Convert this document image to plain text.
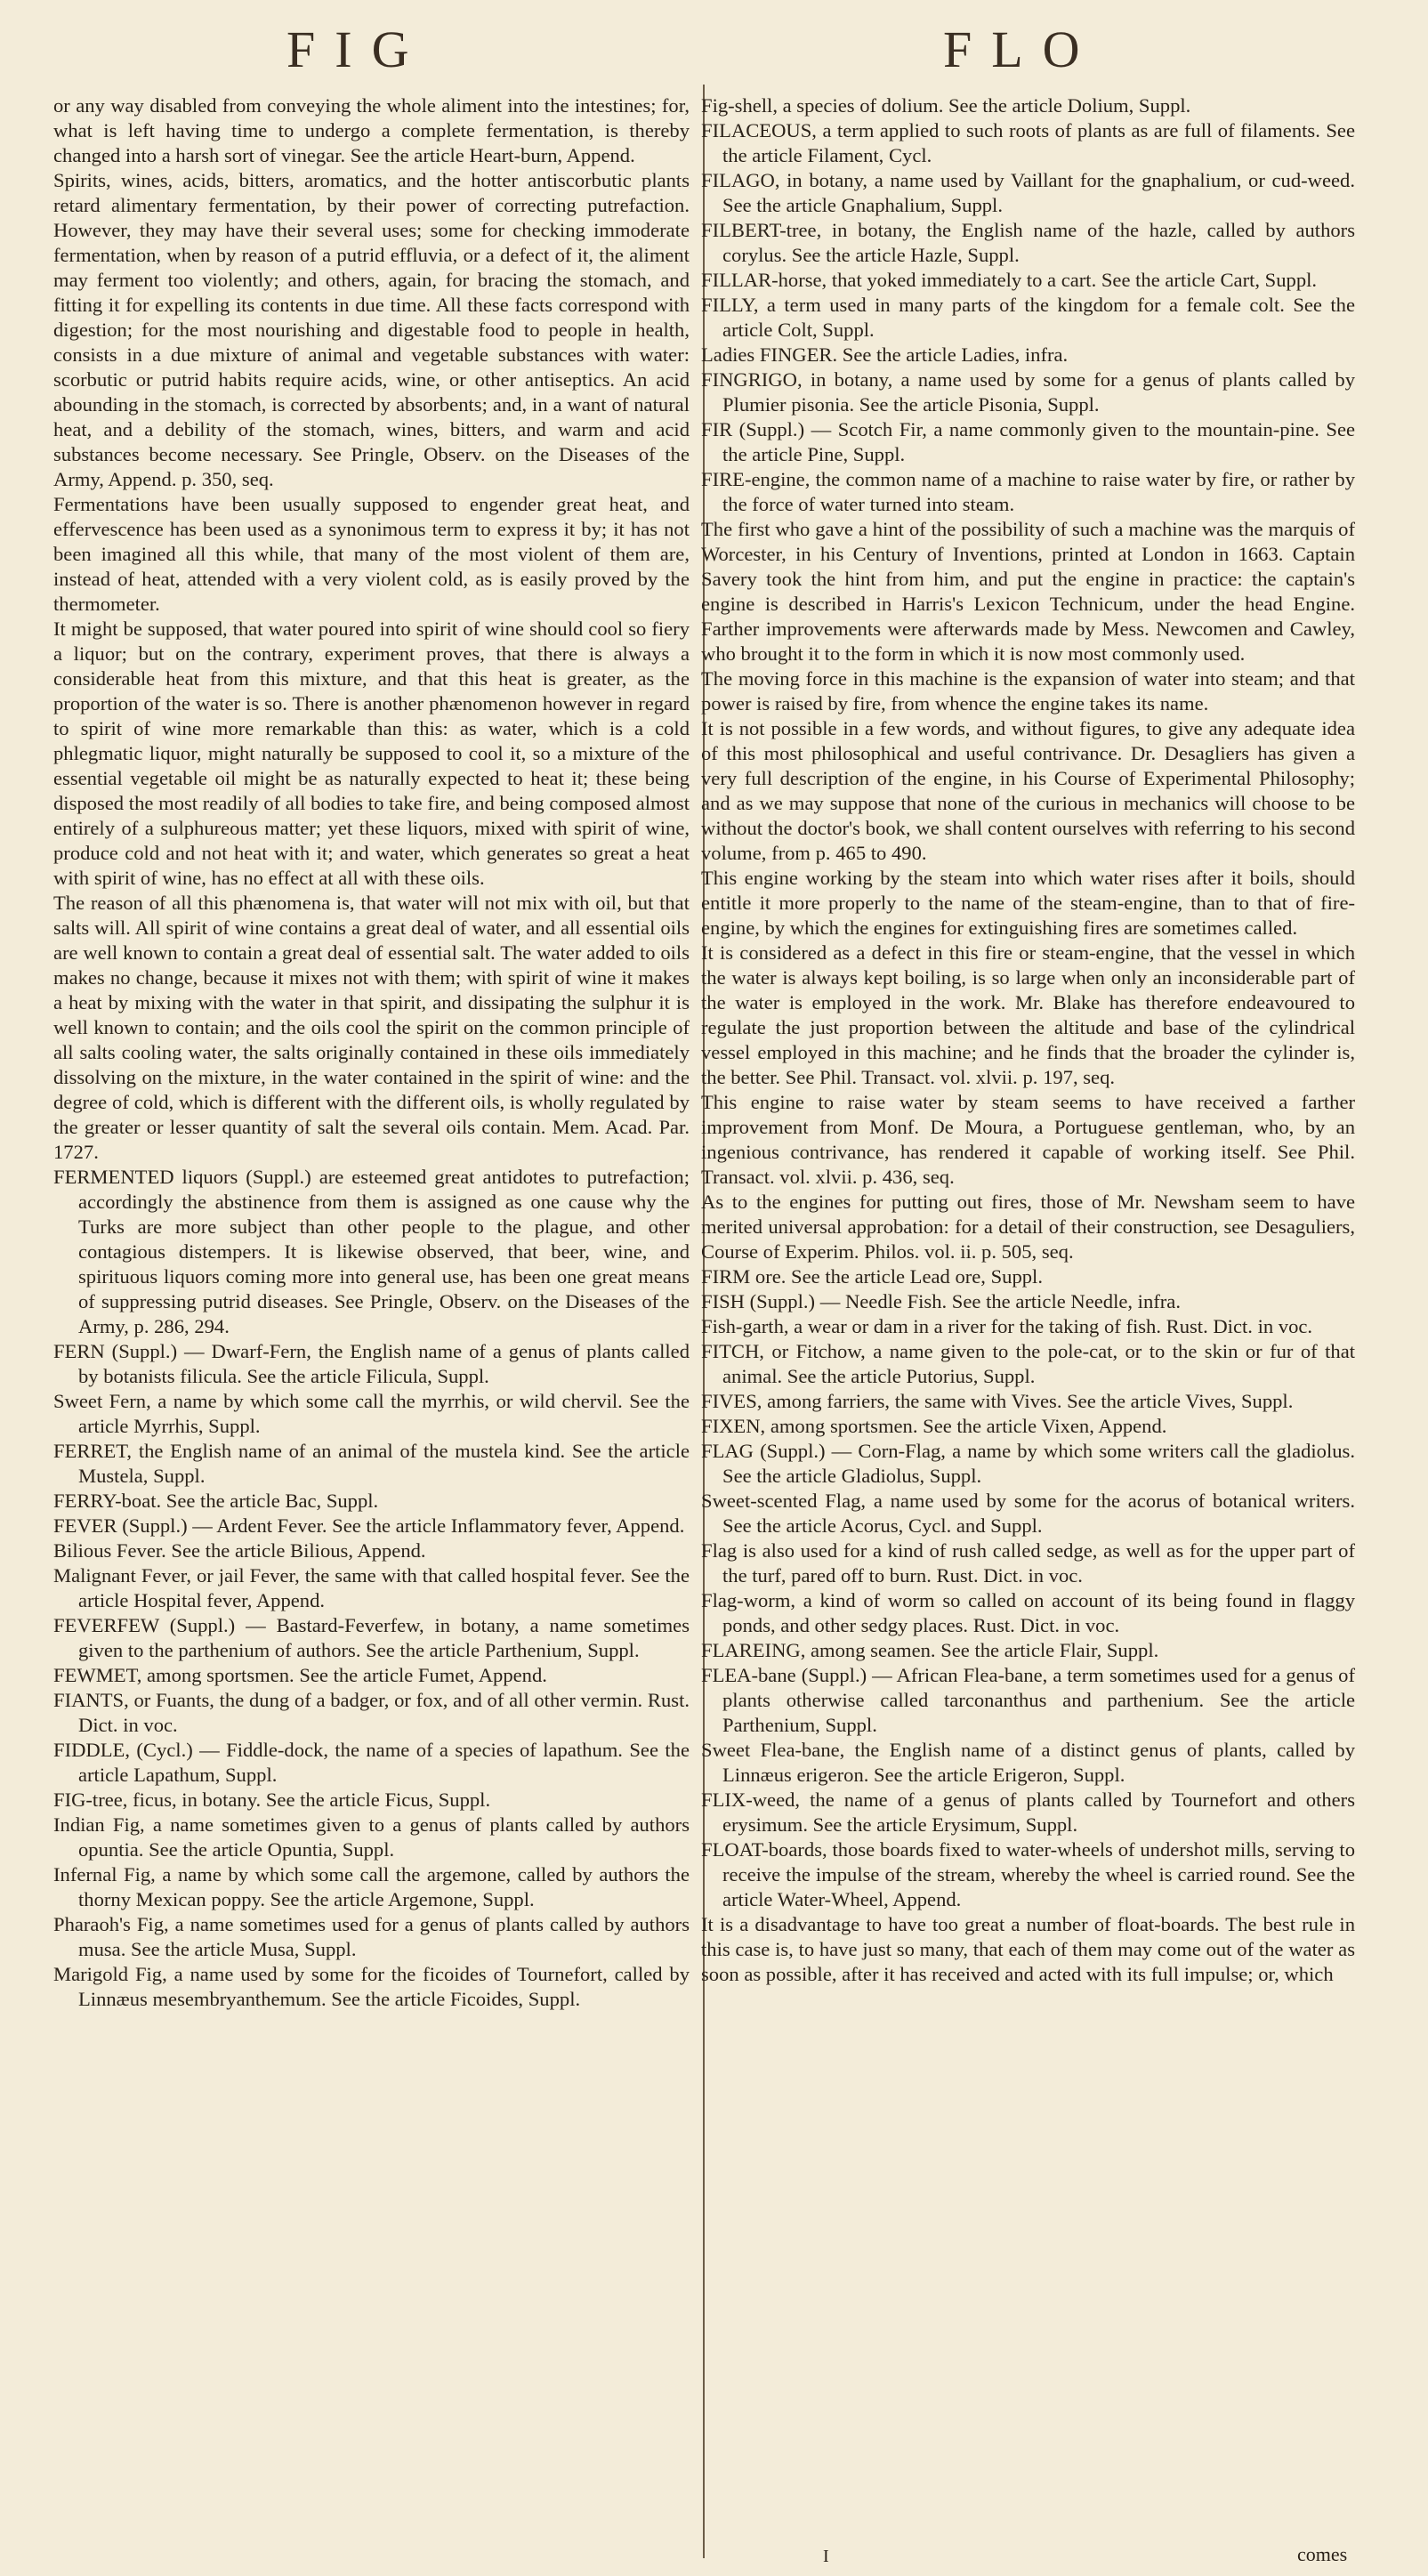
FIG	FLO

or any way disabled from conveying the whole aliment into the intestines; for, what is left having time to undergo a complete fermentation, is thereby changed into a harsh sort of vinegar. See the article Heart-burn, Append.

Spirits, wines, acids, bitters, aromatics, and the hotter antiscorbutic plants retard alimentary fermentation, by their power of correcting putrefaction. However, they may have their several uses; some for checking immoderate fermentation, when by reason of a putrid effluvia, or a defect of it, the aliment may ferment too violently; and others, again, for bracing the stomach, and fitting it for expelling its contents in due time. All these facts correspond with digestion; for the most nourishing and digestable food to people in health, consists in a due mixture of animal and vegetable substances with water: scorbutic or putrid habits require acids, wine, or other antiseptics. An acid abounding in the stomach, is corrected by absorbents; and, in a want of natural heat, and a debility of the stomach, wines, bitters, and warm and acid substances become necessary. See Pringle, Observ. on the Diseases of the Army, Append. p. 350, seq.

Fermentations have been usually supposed to engender great heat, and effervescence has been used as a synonimous term to express it by; it has not been imagined all this while, that many of the most violent of them are, instead of heat, attended with a very violent cold, as is easily proved by the thermometer.

It might be supposed, that water poured into spirit of wine should cool so fiery a liquor; but on the contrary, experiment proves, that there is always a considerable heat from this mixture, and that this heat is greater, as the proportion of the water is so. There is another phænomenon however in regard to spirit of wine more remarkable than this: as water, which is a cold phlegmatic liquor, might naturally be supposed to cool it, so a mixture of the essential vegetable oil might be as naturally expected to heat it; these being disposed the most readily of all bodies to take fire, and being composed almost entirely of a sulphureous matter; yet these liquors, mixed with spirit of wine, produce cold and not heat with it; and water, which generates so great a heat with spirit of wine, has no effect at all with these oils.

The reason of all this phænomena is, that water will not mix with oil, but that salts will. All spirit of wine contains a great deal of water, and all essential oils are well known to contain a great deal of essential salt. The water added to oils makes no change, because it mixes not with them; with spirit of wine it makes a heat by mixing with the water in that spirit, and dissipating the sulphur it is well known to contain; and the oils cool the spirit on the common principle of all salts cooling water, the salts originally contained in these oils immediately dissolving on the mixture, in the water contained in the spirit of wine: and the degree of cold, which is different with the different oils, is wholly regulated by the greater or lesser quantity of salt the several oils contain. Mem. Acad. Par. 1727.

FERMENTED liquors (Suppl.) are esteemed great antidotes to putrefaction; accordingly the abstinence from them is assigned as one cause why the Turks are more subject than other people to the plague, and other contagious distempers. It is likewise observed, that beer, wine, and spirituous liquors coming more into general use, has been one great means of suppressing putrid diseases. See Pringle, Observ. on the Diseases of the Army, p. 286, 294.

FERN (Suppl.) — Dwarf-Fern, the English name of a genus of plants called by botanists filicula. See the article Filicula, Suppl.

Sweet Fern, a name by which some call the myrrhis, or wild chervil. See the article Myrrhis, Suppl.

FERRET, the English name of an animal of the mustela kind. See the article Mustela, Suppl.

FERRY-boat. See the article Bac, Suppl.

FEVER (Suppl.) — Ardent Fever. See the article Inflammatory fever, Append.

Bilious Fever. See the article Bilious, Append.

Malignant Fever, or jail Fever, the same with that called hospital fever. See the article Hospital fever, Append.

FEVERFEW (Suppl.) — Bastard-Feverfew, in botany, a name sometimes given to the parthenium of authors. See the article Parthenium, Suppl.

FEWMET, among sportsmen. See the article Fumet, Append.

FIANTS, or Fuants, the dung of a badger, or fox, and of all other vermin. Rust. Dict. in voc.

FIDDLE, (Cycl.) — Fiddle-dock, the name of a species of lapathum. See the article Lapathum, Suppl.

FIG-tree, ficus, in botany. See the article Ficus, Suppl.

Indian Fig, a name sometimes given to a genus of plants called by authors opuntia. See the article Opuntia, Suppl.

Infernal Fig, a name by which some call the argemone, called by authors the thorny Mexican poppy. See the article Argemone, Suppl.

Pharaoh's Fig, a name sometimes used for a genus of plants called by authors musa. See the article Musa, Suppl.

Marigold Fig, a name used by some for the ficoides of Tournefort, called by Linnæus mesembryanthemum. See the article Ficoides, Suppl.

Fig-shell, a species of dolium. See the article Dolium, Suppl.

FILACEOUS, a term applied to such roots of plants as are full of filaments. See the article Filament, Cycl.

FILAGO, in botany, a name used by Vaillant for the gnaphalium, or cud-weed. See the article Gnaphalium, Suppl.

FILBERT-tree, in botany, the English name of the hazle, called by authors corylus. See the article Hazle, Suppl.

FILLAR-horse, that yoked immediately to a cart. See the article Cart, Suppl.

FILLY, a term used in many parts of the kingdom for a female colt. See the article Colt, Suppl.

Ladies FINGER. See the article Ladies, infra.

FINGRIGO, in botany, a name used by some for a genus of plants called by Plumier pisonia. See the article Pisonia, Suppl.

FIR (Suppl.) — Scotch Fir, a name commonly given to the mountain-pine. See the article Pine, Suppl.

FIRE-engine, the common name of a machine to raise water by fire, or rather by the force of water turned into steam.

The first who gave a hint of the possibility of such a machine was the marquis of Worcester, in his Century of Inventions, printed at London in 1663. Captain Savery took the hint from him, and put the engine in practice: the captain's engine is described in Harris's Lexicon Technicum, under the head Engine. Farther improvements were afterwards made by Mess. Newcomen and Cawley, who brought it to the form in which it is now most commonly used.

The moving force in this machine is the expansion of water into steam; and that power is raised by fire, from whence the engine takes its name.

It is not possible in a few words, and without figures, to give any adequate idea of this most philosophical and useful contrivance. Dr. Desagliers has given a very full description of the engine, in his Course of Experimental Philosophy; and as we may suppose that none of the curious in mechanics will choose to be without the doctor's book, we shall content ourselves with referring to his second volume, from p. 465 to 490.

This engine working by the steam into which water rises after it boils, should entitle it more properly to the name of the steam-engine, than to that of fire-engine, by which the engines for extinguishing fires are sometimes called.

It is considered as a defect in this fire or steam-engine, that the vessel in which the water is always kept boiling, is so large when only an inconsiderable part of the water is employed in the work. Mr. Blake has therefore endeavoured to regulate the just proportion between the altitude and base of the cylindrical vessel employed in this machine; and he finds that the broader the cylinder is, the better. See Phil. Transact. vol. xlvii. p. 197, seq.

This engine to raise water by steam seems to have received a farther improvement from Monf. De Moura, a Portuguese gentleman, who, by an ingenious contrivance, has rendered it capable of working itself. See Phil. Transact. vol. xlvii. p. 436, seq.

As to the engines for putting out fires, those of Mr. Newsham seem to have merited universal approbation: for a detail of their construction, see Desaguliers, Course of Experim. Philos. vol. ii. p. 505, seq.

FIRM ore. See the article Lead ore, Suppl.

FISH (Suppl.) — Needle Fish. See the article Needle, infra.

Fish-garth, a wear or dam in a river for the taking of fish. Rust. Dict. in voc.

FITCH, or Fitchow, a name given to the pole-cat, or to the skin or fur of that animal. See the article Putorius, Suppl.

FIVES, among farriers, the same with Vives. See the article Vives, Suppl.

FIXEN, among sportsmen. See the article Vixen, Append.

FLAG (Suppl.) — Corn-Flag, a name by which some writers call the gladiolus. See the article Gladiolus, Suppl.

Sweet-scented Flag, a name used by some for the acorus of botanical writers. See the article Acorus, Cycl. and Suppl.

Flag is also used for a kind of rush called sedge, as well as for the upper part of the turf, pared off to burn. Rust. Dict. in voc.

Flag-worm, a kind of worm so called on account of its being found in flaggy ponds, and other sedgy places. Rust. Dict. in voc.

FLAREING, among seamen. See the article Flair, Suppl.

FLEA-bane (Suppl.) — African Flea-bane, a term sometimes used for a genus of plants otherwise called tarconanthus and parthenium. See the article Parthenium, Suppl.

Sweet Flea-bane, the English name of a distinct genus of plants, called by Linnæus erigeron. See the article Erigeron, Suppl.

FLIX-weed, the name of a genus of plants called by Tournefort and others erysimum. See the article Erysimum, Suppl.

FLOAT-boards, those boards fixed to water-wheels of undershot mills, serving to receive the impulse of the stream, whereby the wheel is carried round. See the article Water-Wheel, Append.

It is a disadvantage to have too great a number of float-boards. The best rule in this case is, to have just so many, that each of them may come out of the water as soon as possible, after it has received and acted with its full impulse; or, which

I	comes
